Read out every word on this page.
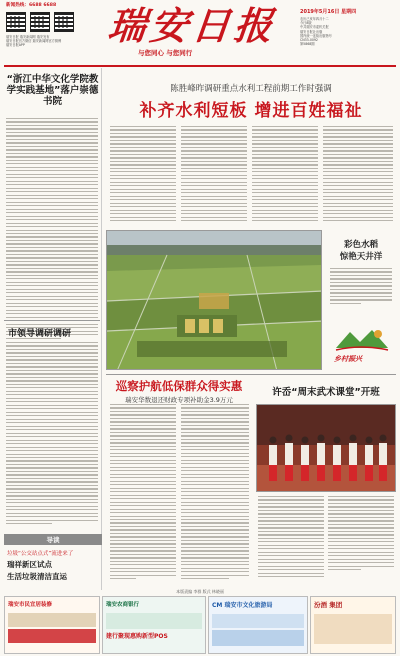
新闻热线：6688 6688
瑞安日报 瑞安新闻网 瑞安发布
瑞安日报官方微信 瑞安新闻网官方微博
瑞安日报APP	瑞安日报
与您同心 与您同行
2019年5月16日 星期四
农历己亥年四月十二
今日8版
中共瑞安市委机关报
瑞安日报社出版
国内统一连续出版物号
CN33-0092
第5868期
“浙江中华文化学院教学实践基地”落户崇德书院
市领导调研调研
导读
垃圾“公交站点式”流进来了
瑞祥新区试点
生活垃圾清洁直运
陈胜峰昨调研重点水利工程前期工作时强调
补齐水利短板 增进百姓福祉
彩色水稻
惊艳天井洋
乡村振兴
巡察护航低保群众得实惠
瑞安华数退还财政专项补助金3.9万元
许岙“周末武术课堂”开班
本版责编 李群 版式 林晓丽
瑞安市民宜居装修	瑞安农商银行
建行聚现惠购新型POS
CM 瑞安市文化旅游局	汾酒 集团
